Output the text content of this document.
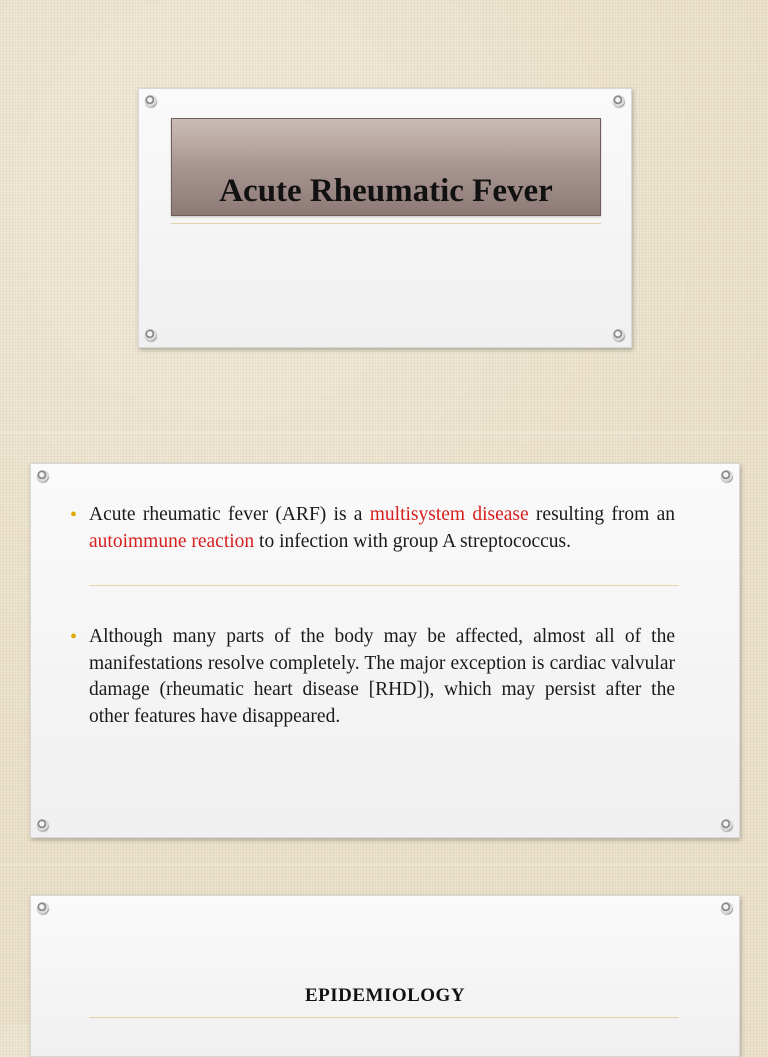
Acute Rheumatic Fever
• Acute rheumatic fever (ARF) is a multisystem disease resulting from an autoimmune reaction to infection with group A streptococcus.
• Although many parts of the body may be affected, almost all of the manifestations resolve completely. The major exception is cardiac valvular damage (rheumatic heart disease [RHD]), which may persist after the other features have disappeared.
EPIDEMIOLOGY
